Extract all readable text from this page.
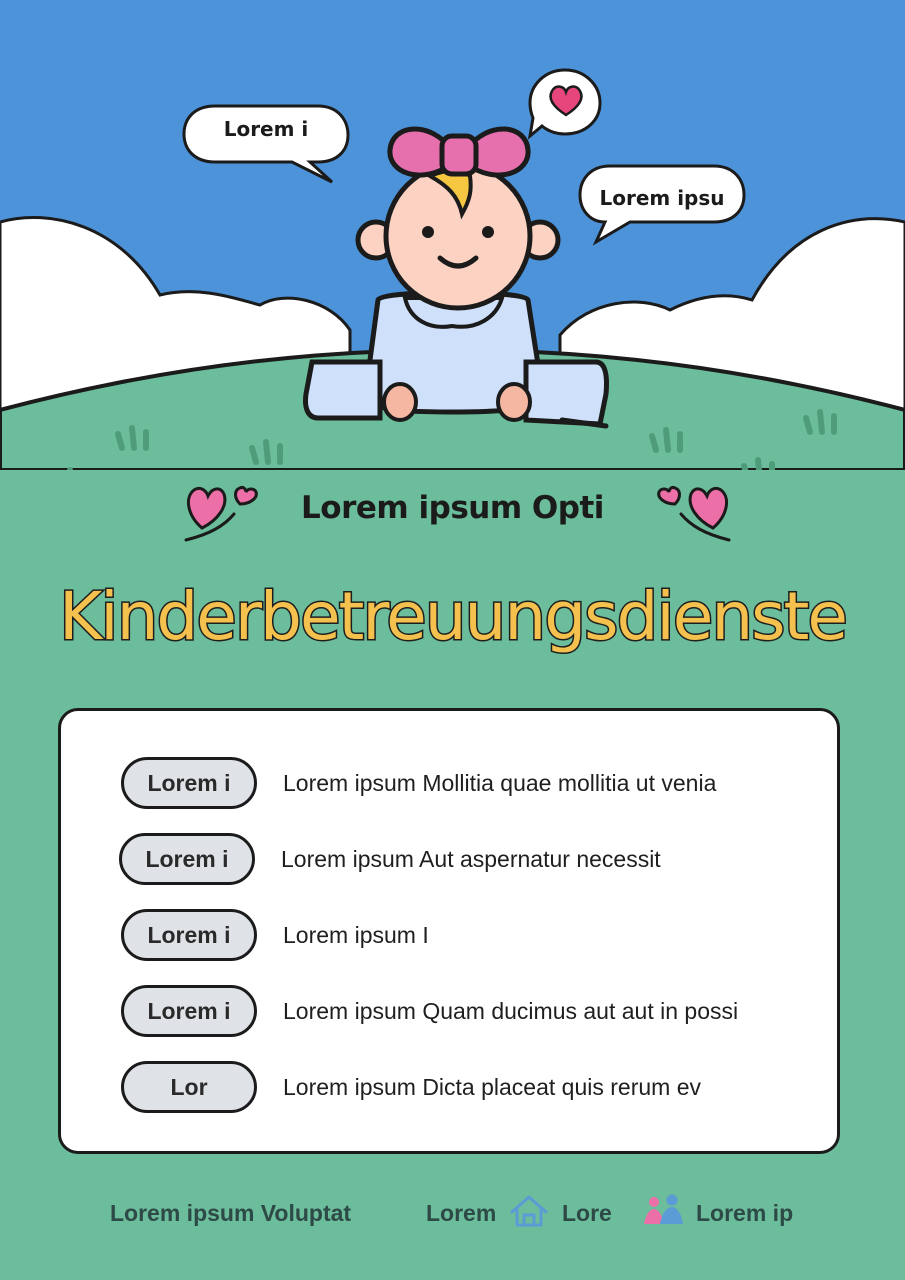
Lorem i
Lorem ipsu
Lorem ipsum Opti
Kinderbetreuungsdienste
Lorem i	Lorem ipsum Mollitia quae mollitia ut venia
Lorem i	Lorem ipsum Aut aspernatur necessit
Lorem i	Lorem ipsum I
Lorem i	Lorem ipsum Quam ducimus aut aut in possi
Lor	Lorem ipsum Dicta placeat quis rerum ev
Lorem ipsum Voluptat	Lorem	Lore	Lorem ip
